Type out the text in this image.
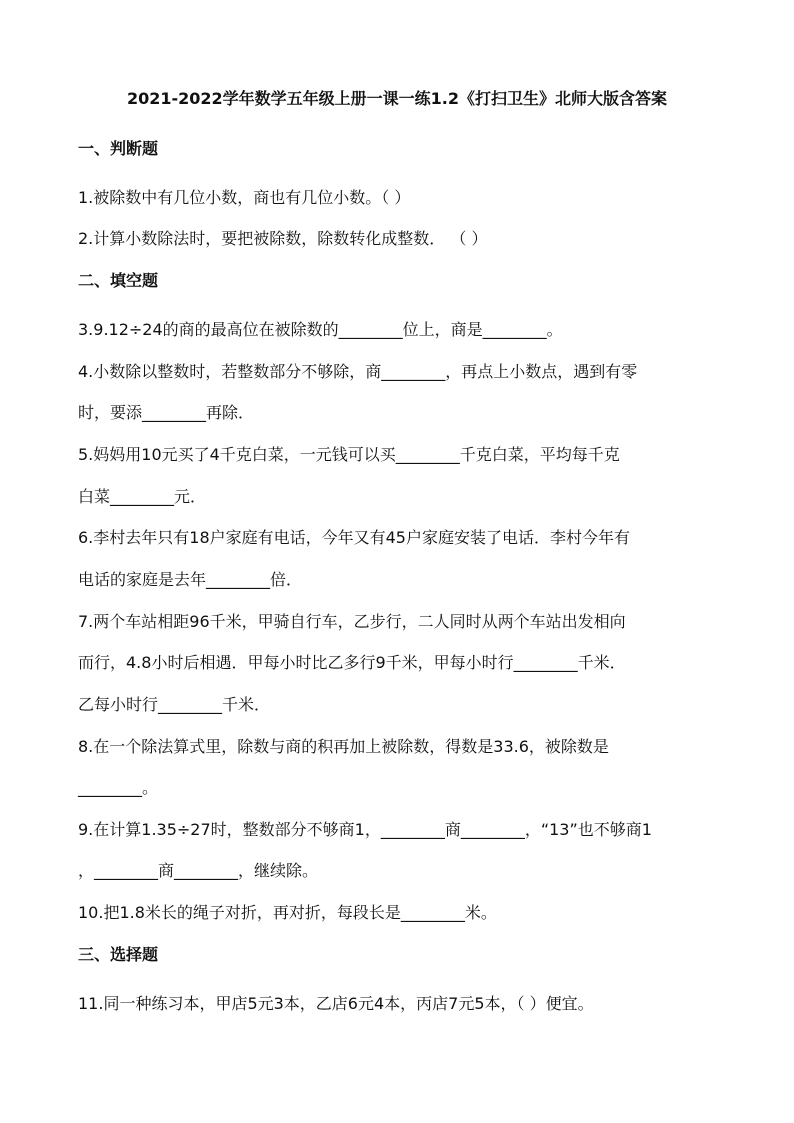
2021-2022学年数学五年级上册一课一练1.2《打扫卫生》北师大版含答案
一、判断题
1.被除数中有几位小数，商也有几位小数。（ ）
2.计算小数除法时，要把被除数，除数转化成整数． （ ）
二、填空题
3.9.12÷24的商的最高位在被除数的________位上，商是________。
4.小数除以整数时，若整数部分不够除，商________，再点上小数点，遇到有零
时，要添________再除．
5.妈妈用10元买了4千克白菜，一元钱可以买________千克白菜，平均每千克
白菜________元．
6.李村去年只有18户家庭有电话，今年又有45户家庭安装了电话．李村今年有
电话的家庭是去年________倍．
7.两个车站相距96千米，甲骑自行车，乙步行，二人同时从两个车站出发相向
而行，4.8小时后相遇．甲每小时比乙多行9千米，甲每小时行________千米．
乙每小时行________千米．
8.在一个除法算式里，除数与商的积再加上被除数，得数是33.6，被除数是
________。
9.在计算1.35÷27时，整数部分不够商1，________商________，“13”也不够商1
，________商________，继续除。
10.把1.8米长的绳子对折，再对折，每段长是________米。
三、选择题
11.同一种练习本，甲店5元3本，乙店6元4本，丙店7元5本，（ ）便宜。
